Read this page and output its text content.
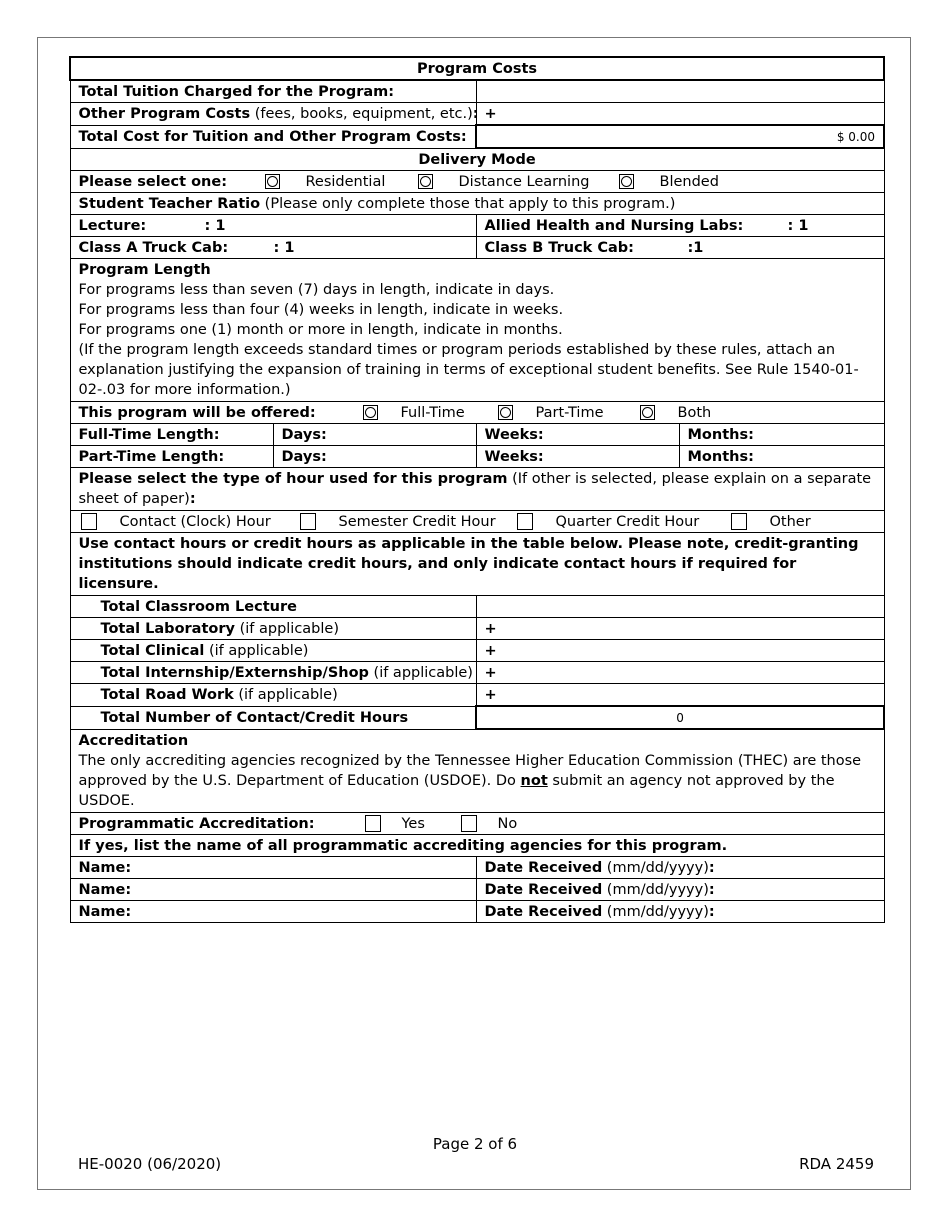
Program Costs			
Total Tuition Charged for the Program:			
Other Program Costs (fees, books, equipment, etc.):		+	
Total Cost for Tuition and Other Program Costs:		$ 0.00	
Delivery Mode			
Please select one: Residential Distance Learning Blended			
Student Teacher Ratio (Please only complete those that apply to this program.)			
Lecture: : 1		Allied Health and Nursing Labs: : 1	
Class A Truck Cab: : 1		Class B Truck Cab: :1	

Program Length
For programs less than seven (7) days in length, indicate in days.
For programs less than four (4) weeks in length, indicate in weeks.
For programs one (1) month or more in length, indicate in months.
(If the program length exceeds standard times or program periods established by these rules, attach an explanation justifying the expansion of training in terms of exceptional student benefits. See Rule 1540-01-02-.03 for more information.)			

This program will be offered: Full-Time Part-Time Both			
Full-Time Length:	Days:	Weeks:	Months:
Part-Time Length:	Days:	Weeks:	Months:
Please select the type of hour used for this program (If other is selected, please explain on a separate sheet of paper):			
Contact (Clock) Hour Semester Credit Hour Quarter Credit Hour Other			
Use contact hours or credit hours as applicable in the table below. Please note, credit-granting institutions should indicate credit hours, and only indicate contact hours if required for licensure.			
Total Classroom Lecture			
Total Laboratory (if applicable)		+	
Total Clinical (if applicable)		+	
Total Internship/Externship/Shop (if applicable)		+	
Total Road Work (if applicable)		+	
Total Number of Contact/Credit Hours		0	

Accreditation
The only accrediting agencies recognized by the Tennessee Higher Education Commission (THEC) are those approved by the U.S. Department of Education (USDOE). Do not submit an agency not approved by the USDOE.			

Programmatic Accreditation: Yes No			
If yes, list the name of all programmatic accrediting agencies for this program.			
Name:		Date Received (mm/dd/yyyy):	
Name:		Date Received (mm/dd/yyyy):	
Name:		Date Received (mm/dd/yyyy):	
Page 2 of 6
HE-0020 (06/2020)	RDA 2459
